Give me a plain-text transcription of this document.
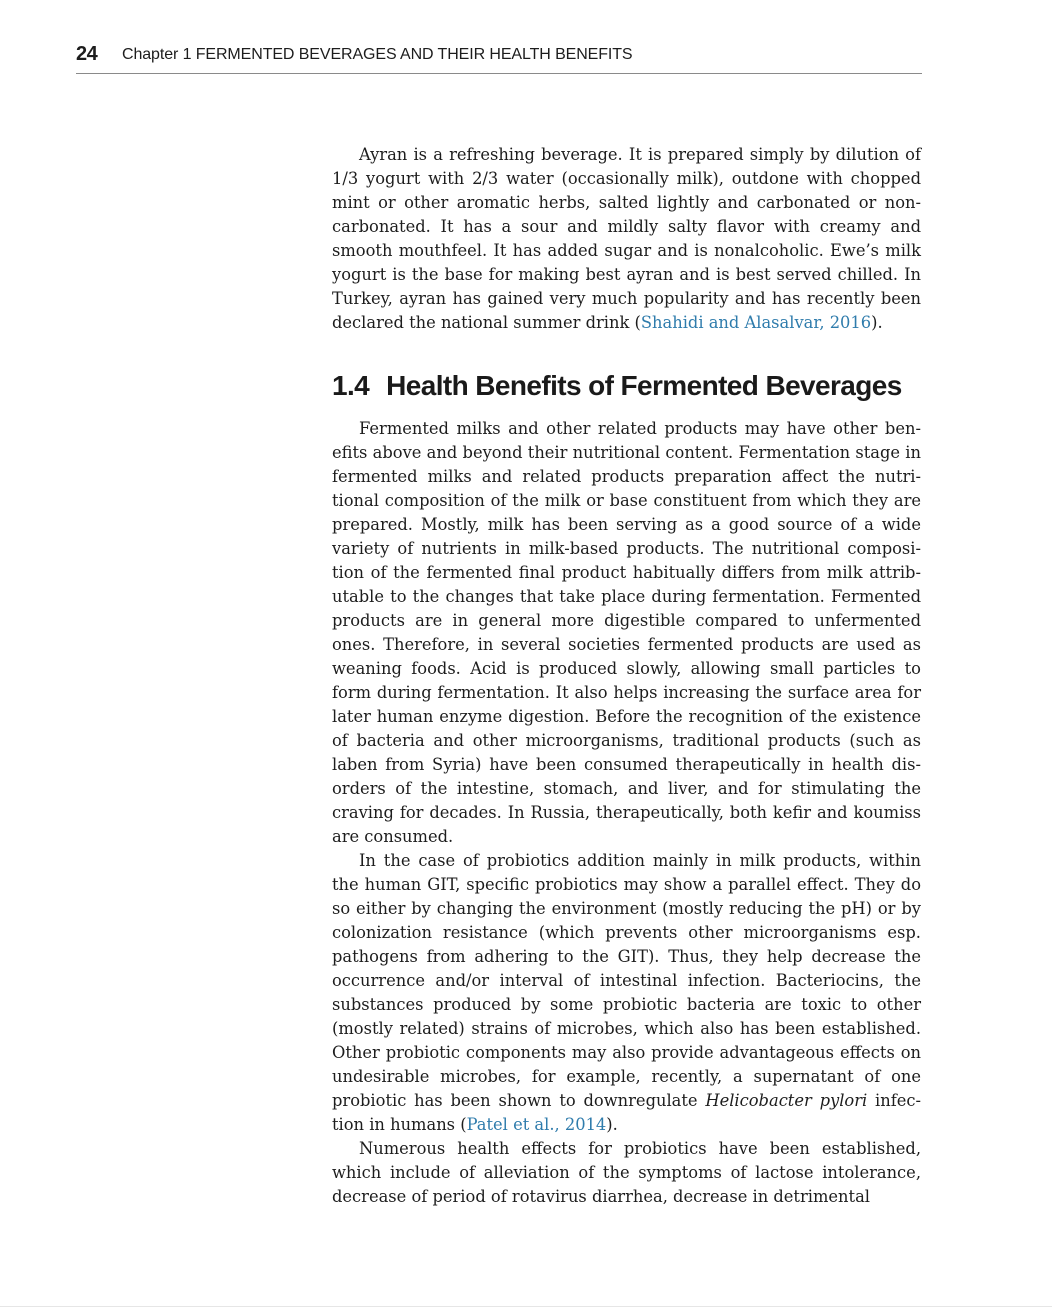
24 Chapter 1 FERMENTED BEVERAGES AND THEIR HEALTH BENEFITS

Ayran is a refreshing beverage. It is prepared simply by dilution of 1/3 yogurt with 2/3 water (occasionally milk), outdone with chopped mint or other aromatic herbs, salted lightly and carbonated or non-carbonated. It has a sour and mildly salty flavor with creamy and smooth mouthfeel. It has added sugar and is nonalcoholic. Ewe’s milk yogurt is the base for making best ayran and is best served chilled. In Turkey, ayran has gained very much popularity and has recently been declared the national summer drink (Shahidi and Alasalvar, 2016).

1.4 Health Benefits of Fermented Beverages

Fermented milks and other related products may have other benefits above and beyond their nutritional content. Fermentation stage in fermented milks and related products preparation affect the nutritional composition of the milk or base constituent from which they are prepared. Mostly, milk has been serving as a good source of a wide variety of nutrients in milk-based products. The nutritional composition of the fermented final product habitually differs from milk attributable to the changes that take place during fermentation. Fermented products are in general more digestible compared to unfermented ones. Therefore, in several societies fermented products are used as weaning foods. Acid is produced slowly, allowing small particles to form during fermentation. It also helps increasing the surface area for later human enzyme digestion. Before the recognition of the existence of bacteria and other microorganisms, traditional products (such as laben from Syria) have been consumed therapeutically in health disorders of the intestine, stomach, and liver, and for stimulating the craving for decades. In Russia, therapeutically, both kefir and koumiss are consumed.

In the case of probiotics addition mainly in milk products, within the human GIT, specific probiotics may show a parallel effect. They do so either by changing the environment (mostly reducing the pH) or by colonization resistance (which prevents other microorganisms esp. pathogens from adhering to the GIT). Thus, they help decrease the occurrence and/or interval of intestinal infection. Bacteriocins, the substances produced by some probiotic bacteria are toxic to other (mostly related) strains of microbes, which also has been established. Other probiotic components may also provide advantageous effects on undesirable microbes, for example, recently, a supernatant of one probiotic has been shown to downregulate Helicobacter pylori infection in humans (Patel et al., 2014).

Numerous health effects for probiotics have been established, which include of alleviation of the symptoms of lactose intolerance, decrease of period of rotavirus diarrhea, decrease in detrimental
